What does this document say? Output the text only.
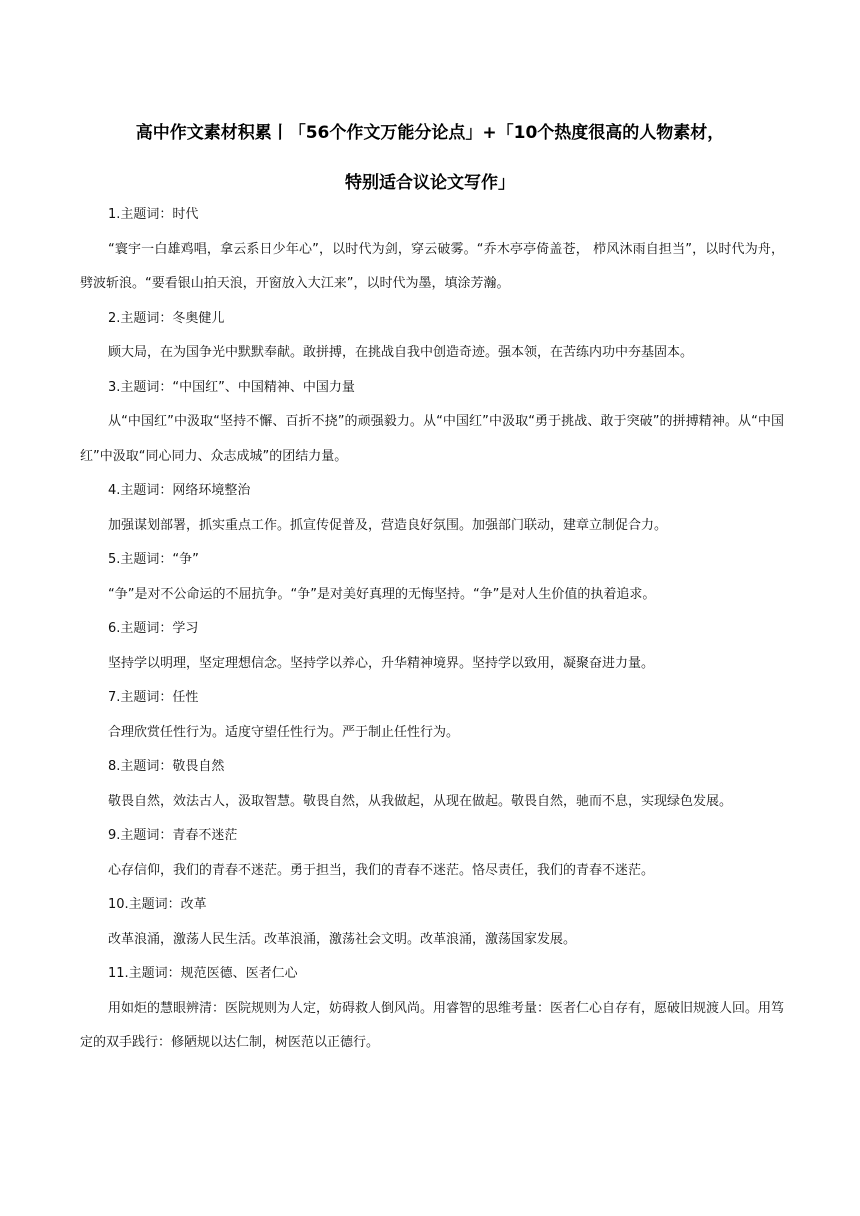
高中作文素材积累丨「56个作文万能分论点」+「10个热度很高的人物素材，
特别适合议论文写作」

1.主题词：时代

“寰宇一白雄鸡唱，拿云系日少年心”，以时代为剑，穿云破雾。“乔木亭亭倚盖苍， 栉风沐雨自担当”，以时代为舟，劈波斩浪。“要看银山拍天浪，开窗放入大江来”，以时代为墨，填涂芳瀚。

2.主题词：冬奥健儿

顾大局，在为国争光中默默奉献。敢拼搏，在挑战自我中创造奇迹。强本领，在苦练内功中夯基固本。

3.主题词：“中国红”、中国精神、中国力量

从“中国红”中汲取“坚持不懈、百折不挠”的顽强毅力。从“中国红”中汲取“勇于挑战、敢于突破”的拼搏精神。从“中国红”中汲取“同心同力、众志成城”的团结力量。

4.主题词：网络环境整治

加强谋划部署，抓实重点工作。抓宣传促普及，营造良好氛围。加强部门联动，建章立制促合力。

5.主题词：“争”

“争”是对不公命运的不屈抗争。“争”是对美好真理的无悔坚持。“争”是对人生价值的执着追求。

6.主题词：学习

坚持学以明理，坚定理想信念。坚持学以养心，升华精神境界。坚持学以致用，凝聚奋进力量。

7.主题词：任性

合理欣赏任性行为。适度守望任性行为。严于制止任性行为。

8.主题词：敬畏自然

敬畏自然，效法古人，汲取智慧。敬畏自然，从我做起，从现在做起。敬畏自然，驰而不息，实现绿色发展。

9.主题词：青春不迷茫

心存信仰，我们的青春不迷茫。勇于担当，我们的青春不迷茫。恪尽责任，我们的青春不迷茫。

10.主题词：改革

改革浪涌，激荡人民生活。改革浪涌，激荡社会文明。改革浪涌，激荡国家发展。

11.主题词：规范医德、医者仁心

用如炬的慧眼辨清：医院规则为人定，妨碍救人倒风尚。用睿智的思维考量：医者仁心自存有，愿破旧规渡人回。用笃定的双手践行：修陋规以达仁制，树医范以正德行。
